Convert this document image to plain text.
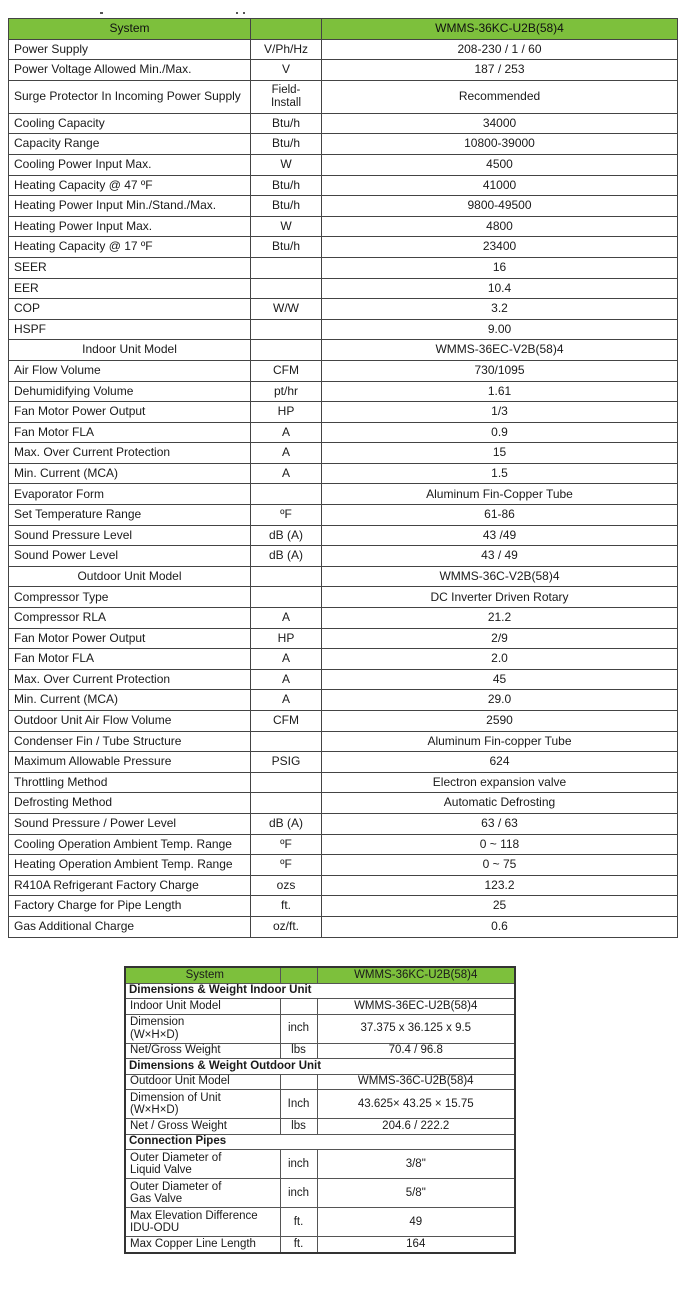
System		WMMS-36KC-U2B(58)4
Power Supply	V/Ph/Hz	208-230 / 1 / 60
Power Voltage Allowed Min./Max.	V	187 / 253
Surge Protector In Incoming Power Supply	Field-Install	Recommended
Cooling Capacity	Btu/h	34000
Capacity Range	Btu/h	10800-39000
Cooling Power Input Max.	W	4500
Heating Capacity @ 47 ºF	Btu/h	41000
Heating Power Input Min./Stand./Max.	Btu/h	9800-49500
Heating Power Input Max.	W	4800
Heating Capacity @ 17 ºF	Btu/h	23400
SEER		16
EER		10.4
COP	W/W	3.2
HSPF		9.00
Indoor Unit Model		WMMS-36EC-V2B(58)4
Air Flow Volume	CFM	730/1095
Dehumidifying Volume	pt/hr	1.61
Fan Motor Power Output	HP	1/3
Fan Motor FLA	A	0.9
Max. Over Current Protection	A	15
Min. Current (MCA)	A	1.5
Evaporator Form		Aluminum Fin-Copper Tube
Set Temperature Range	ºF	61-86
Sound Pressure Level	dB (A)	43 /49
Sound Power Level	dB (A)	43 / 49
Outdoor Unit Model		WMMS-36C-V2B(58)4
Compressor Type		DC Inverter Driven Rotary
Compressor RLA	A	21.2
Fan Motor Power Output	HP	2/9
Fan Motor FLA	A	2.0
Max. Over Current Protection	A	45
Min. Current (MCA)	A	29.0
Outdoor Unit Air Flow Volume	CFM	2590
Condenser Fin / Tube Structure		Aluminum Fin-copper Tube
Maximum Allowable Pressure	PSIG	624
Throttling Method		Electron expansion valve
Defrosting Method		Automatic Defrosting
Sound Pressure / Power Level	dB (A)	63 / 63
Cooling Operation Ambient Temp. Range	ºF	0 ~ 118
Heating Operation Ambient Temp. Range	ºF	0 ~ 75
R410A Refrigerant Factory Charge	ozs	123.2
Factory Charge for Pipe Length	ft.	25
Gas Additional Charge	oz/ft.	0.6
System		WMMS-36KC-U2B(58)4
Dimensions & Weight Indoor Unit		
Indoor Unit Model		WMMS-36EC-U2B(58)4
Dimension
(W×H×D)	inch	37.375 x 36.125 x 9.5
Net/Gross Weight	lbs	70.4 / 96.8
Dimensions & Weight Outdoor Unit		
Outdoor Unit Model		WMMS-36C-U2B(58)4
Dimension of Unit
(W×H×D)	Inch	43.625× 43.25 × 15.75
Net / Gross Weight	lbs	204.6 / 222.2
Connection Pipes		
Outer Diameter of
Liquid Valve	inch	3/8"
Outer Diameter of
Gas Valve	inch	5/8"
Max Elevation Difference
IDU-ODU	ft.	49
Max Copper Line Length	ft.	164
